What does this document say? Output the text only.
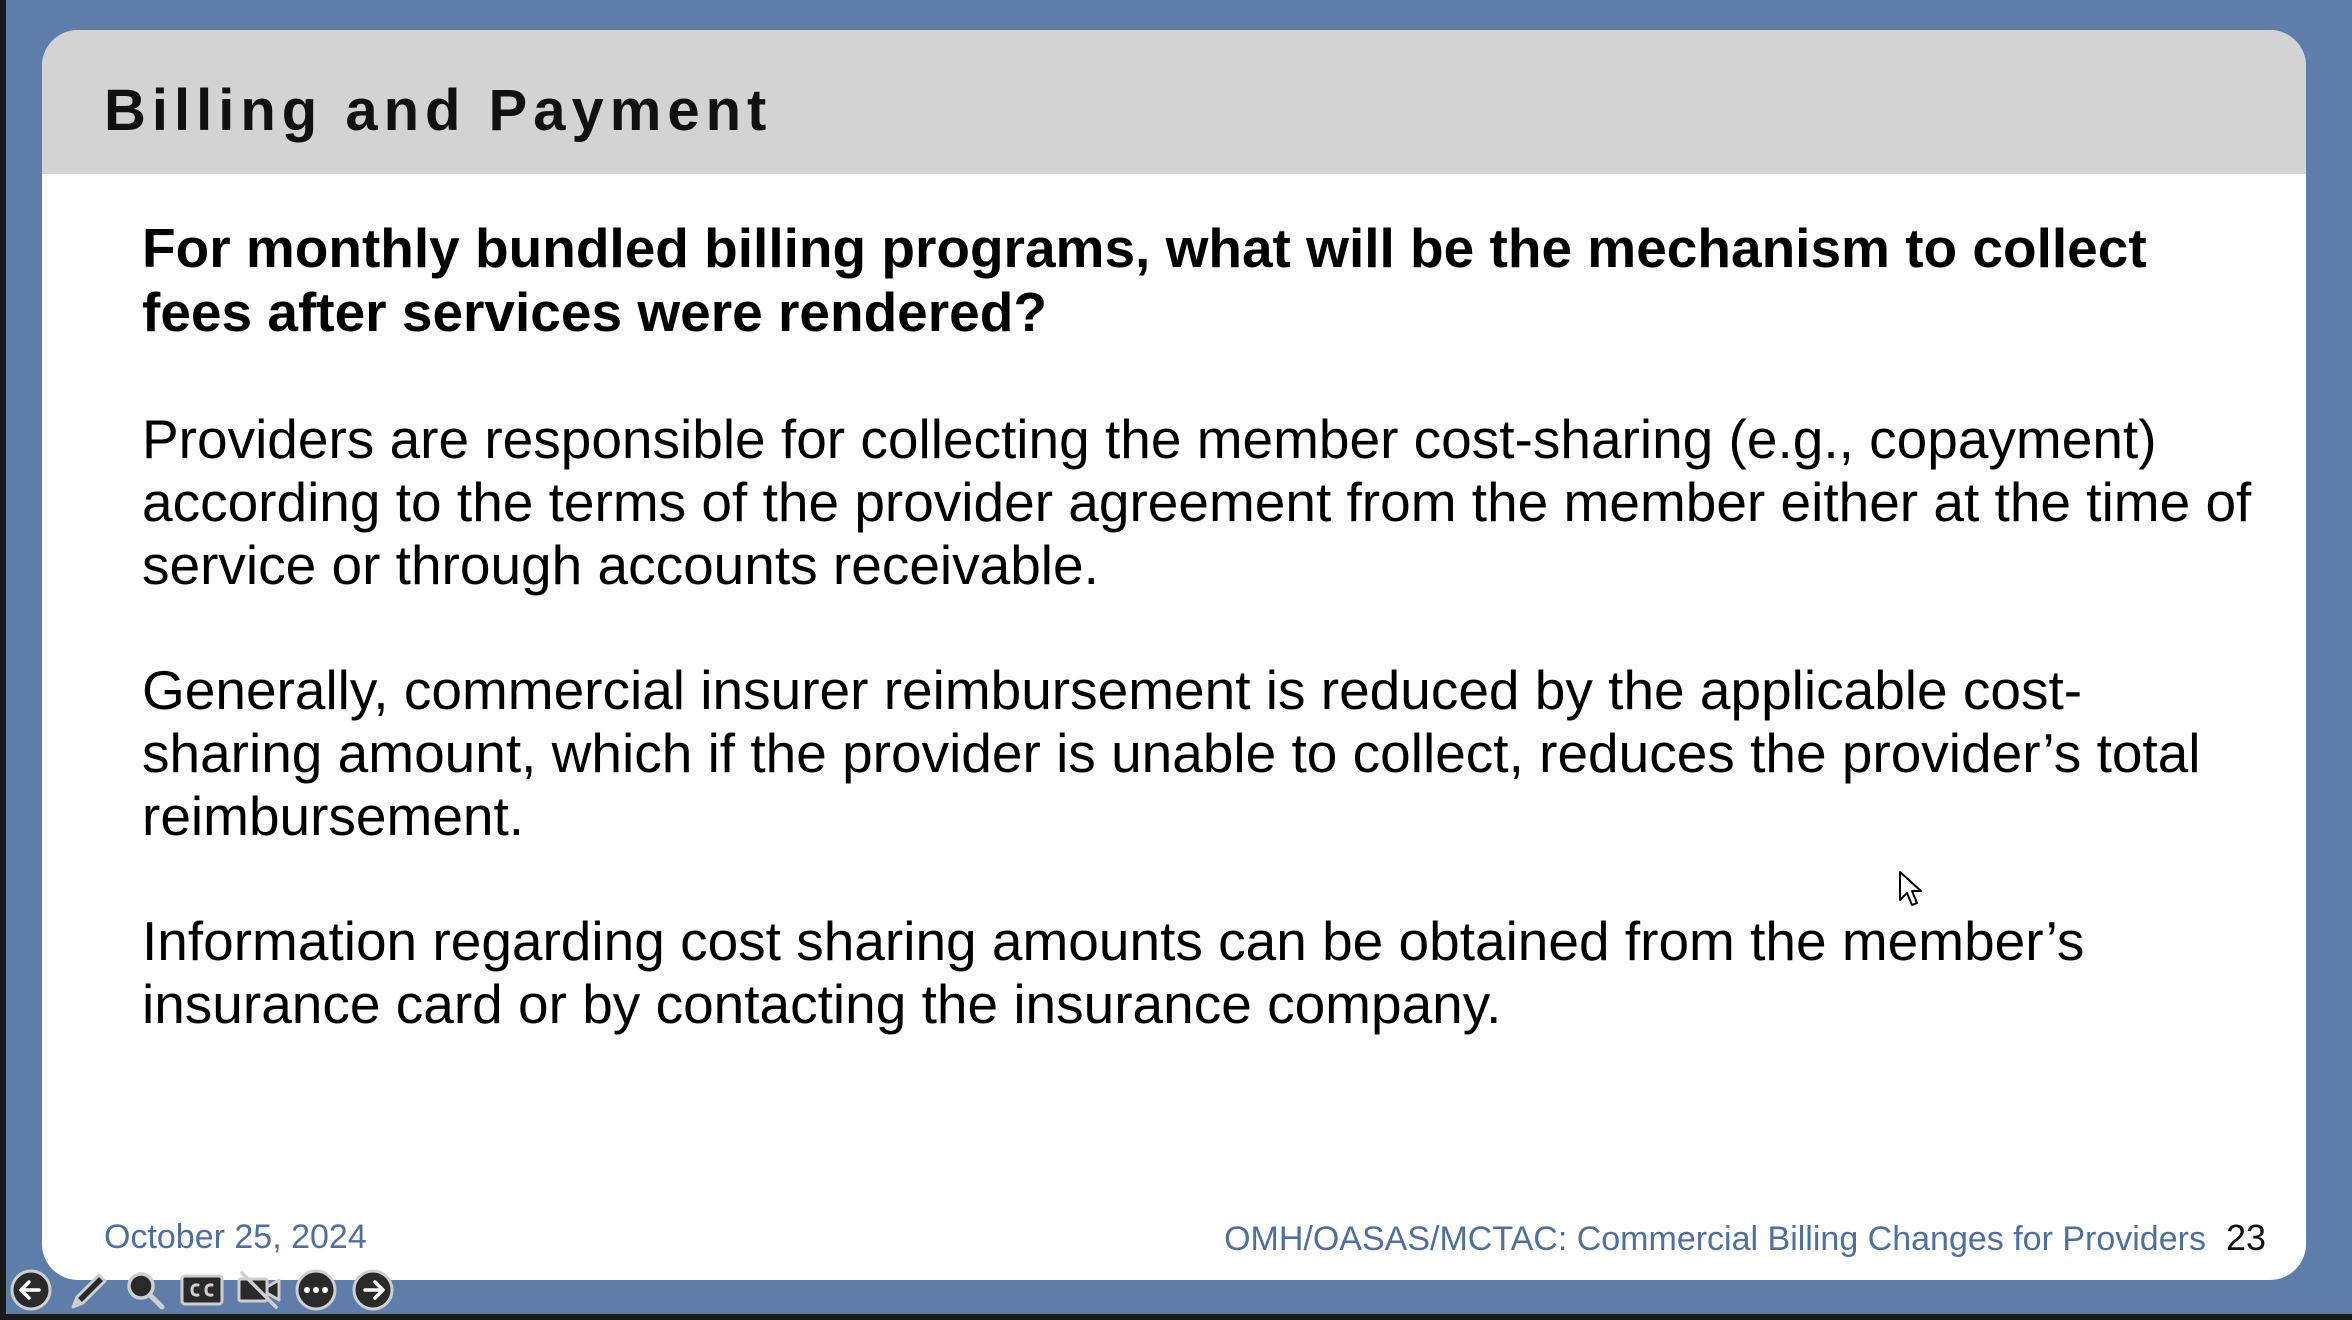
Billing and Payment

For monthly bundled billing programs, what will be the mechanism to collect fees after services were rendered?

Providers are responsible for collecting the member cost-sharing (e.g., copayment) according to the terms of the provider agreement from the member either at the time of service or through accounts receivable.

Generally, commercial insurer reimbursement is reduced by the applicable cost-sharing amount, which if the provider is unable to collect, reduces the provider’s total reimbursement.

Information regarding cost sharing amounts can be obtained from the member’s insurance card or by contacting the insurance company.

October 25, 2024	OMH/OASAS/MCTAC: Commercial Billing Changes for Providers 23
